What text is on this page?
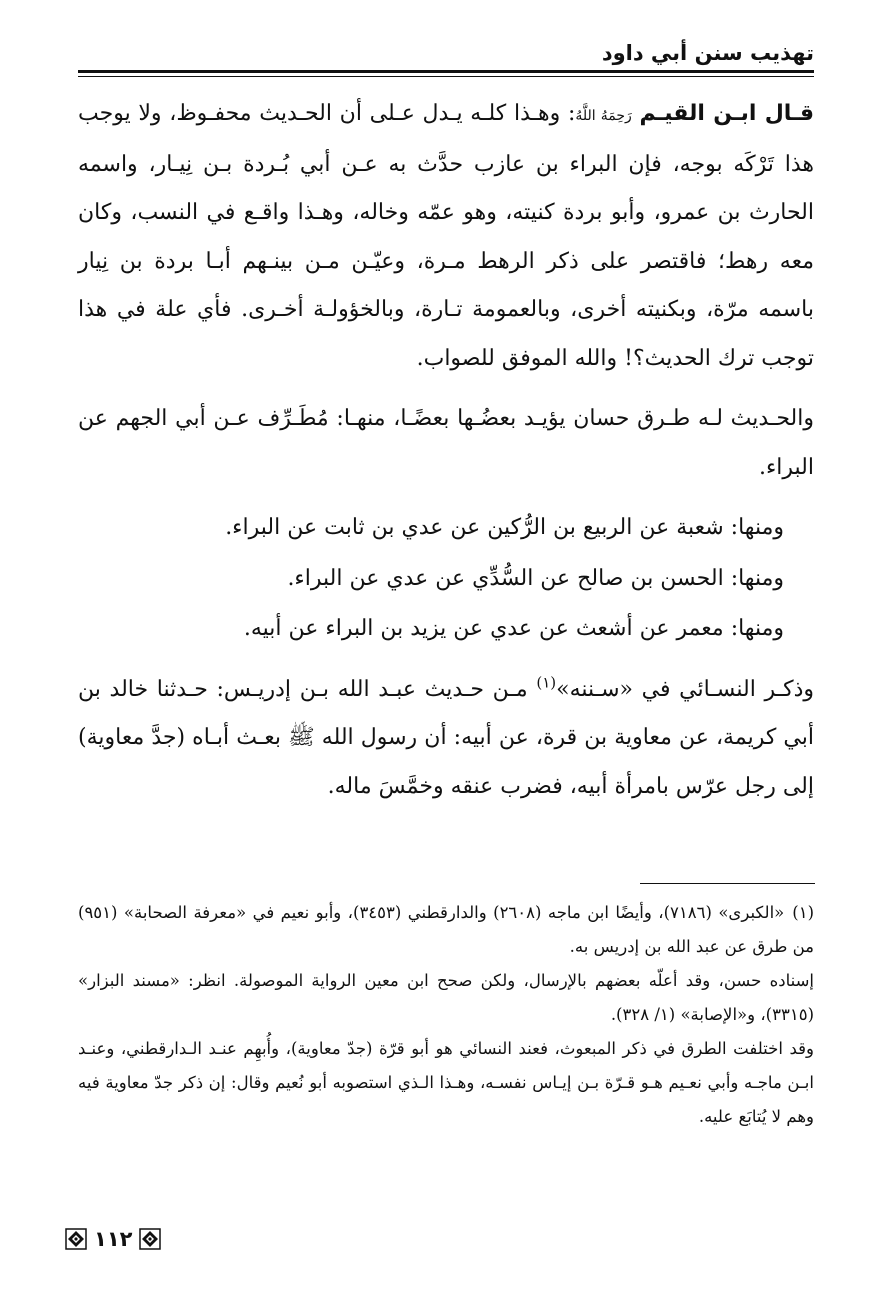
تهذيب سنن أبي داود

قـال ابـن القيـم رَحِمَهُ اللَّهُ: وهـذا كلـه يـدل عـلى أن الحـديث محفـوظ، ولا يوجب هذا تَرْكَه بوجه، فإن البراء بن عازب حدَّث به عـن أبي بُـردة بـن نِيـار، واسمه الحارث بن عمرو، وأبو بردة كنيته، وهو عمّه وخاله، وهـذا واقـع في النسب، وكان معه رهط؛ فاقتصر على ذكر الرهط مـرة، وعيّـن مـن بينـهم أبـا بردة بن نِيار باسمه مرّة، وبكنيته أخرى، وبالعمومة تـارة، وبالخؤولـة أخـرى. فأي علة في هذا توجب ترك الحديث؟! والله الموفق للصواب.

والحـديث لـه طـرق حسان يؤيـد بعضُـها بعضًـا، منهـا: مُطَـرِّف عـن أبي الجهم عن البراء.

ومنها: شعبة عن الربيع بن الرُّكين عن عدي بن ثابت عن البراء.

ومنها: الحسن بن صالح عن السُّدِّي عن عدي عن البراء.

ومنها: معمر عن أشعث عن عدي عن يزيد بن البراء عن أبيه.

وذكـر النسـائي في «سـننه»$^{(١)}$ مـن حـديث عبـد الله بـن إدريـس: حـدثنا خالد بن أبي كريمة، عن معاوية بن قرة، عن أبيه: أن رسول الله ﷺ بعـث أبـاه (جدَّ معاوية) إلى رجل عرّس بامرأة أبيه، فضرب عنقه وخمَّسَ ماله.

(١)«الكبرى» (٧١٨٦)، وأيضًا ابن ماجه (٢٦٠٨) والدارقطني (٣٤٥٣)، وأبو نعيم في «معرفة الصحابة» (٩٥١) من طرق عن عبد الله بن إدريس به.

إسناده حسن، وقد أعلّه بعضهم بالإرسال، ولكن صحح ابن معين الرواية الموصولة. انظر: «مسند البزار» (٣٣١٥)، و«الإصابة» (١/ ٣٢٨).

وقد اختلفت الطرق في ذكر المبعوث، فعند النسائي هو أبو قرّة (جدّ معاوية)، وأُبهِم عنـد الـدارقطني، وعنـد ابـن ماجـه وأبي نعـيم هـو قـرّة بـن إيـاس نفسـه، وهـذا الـذي استصوبه أبو نُعيم وقال: إن ذكر جدّ معاوية فيه وهم لا يُتابَع عليه.

١١٢
